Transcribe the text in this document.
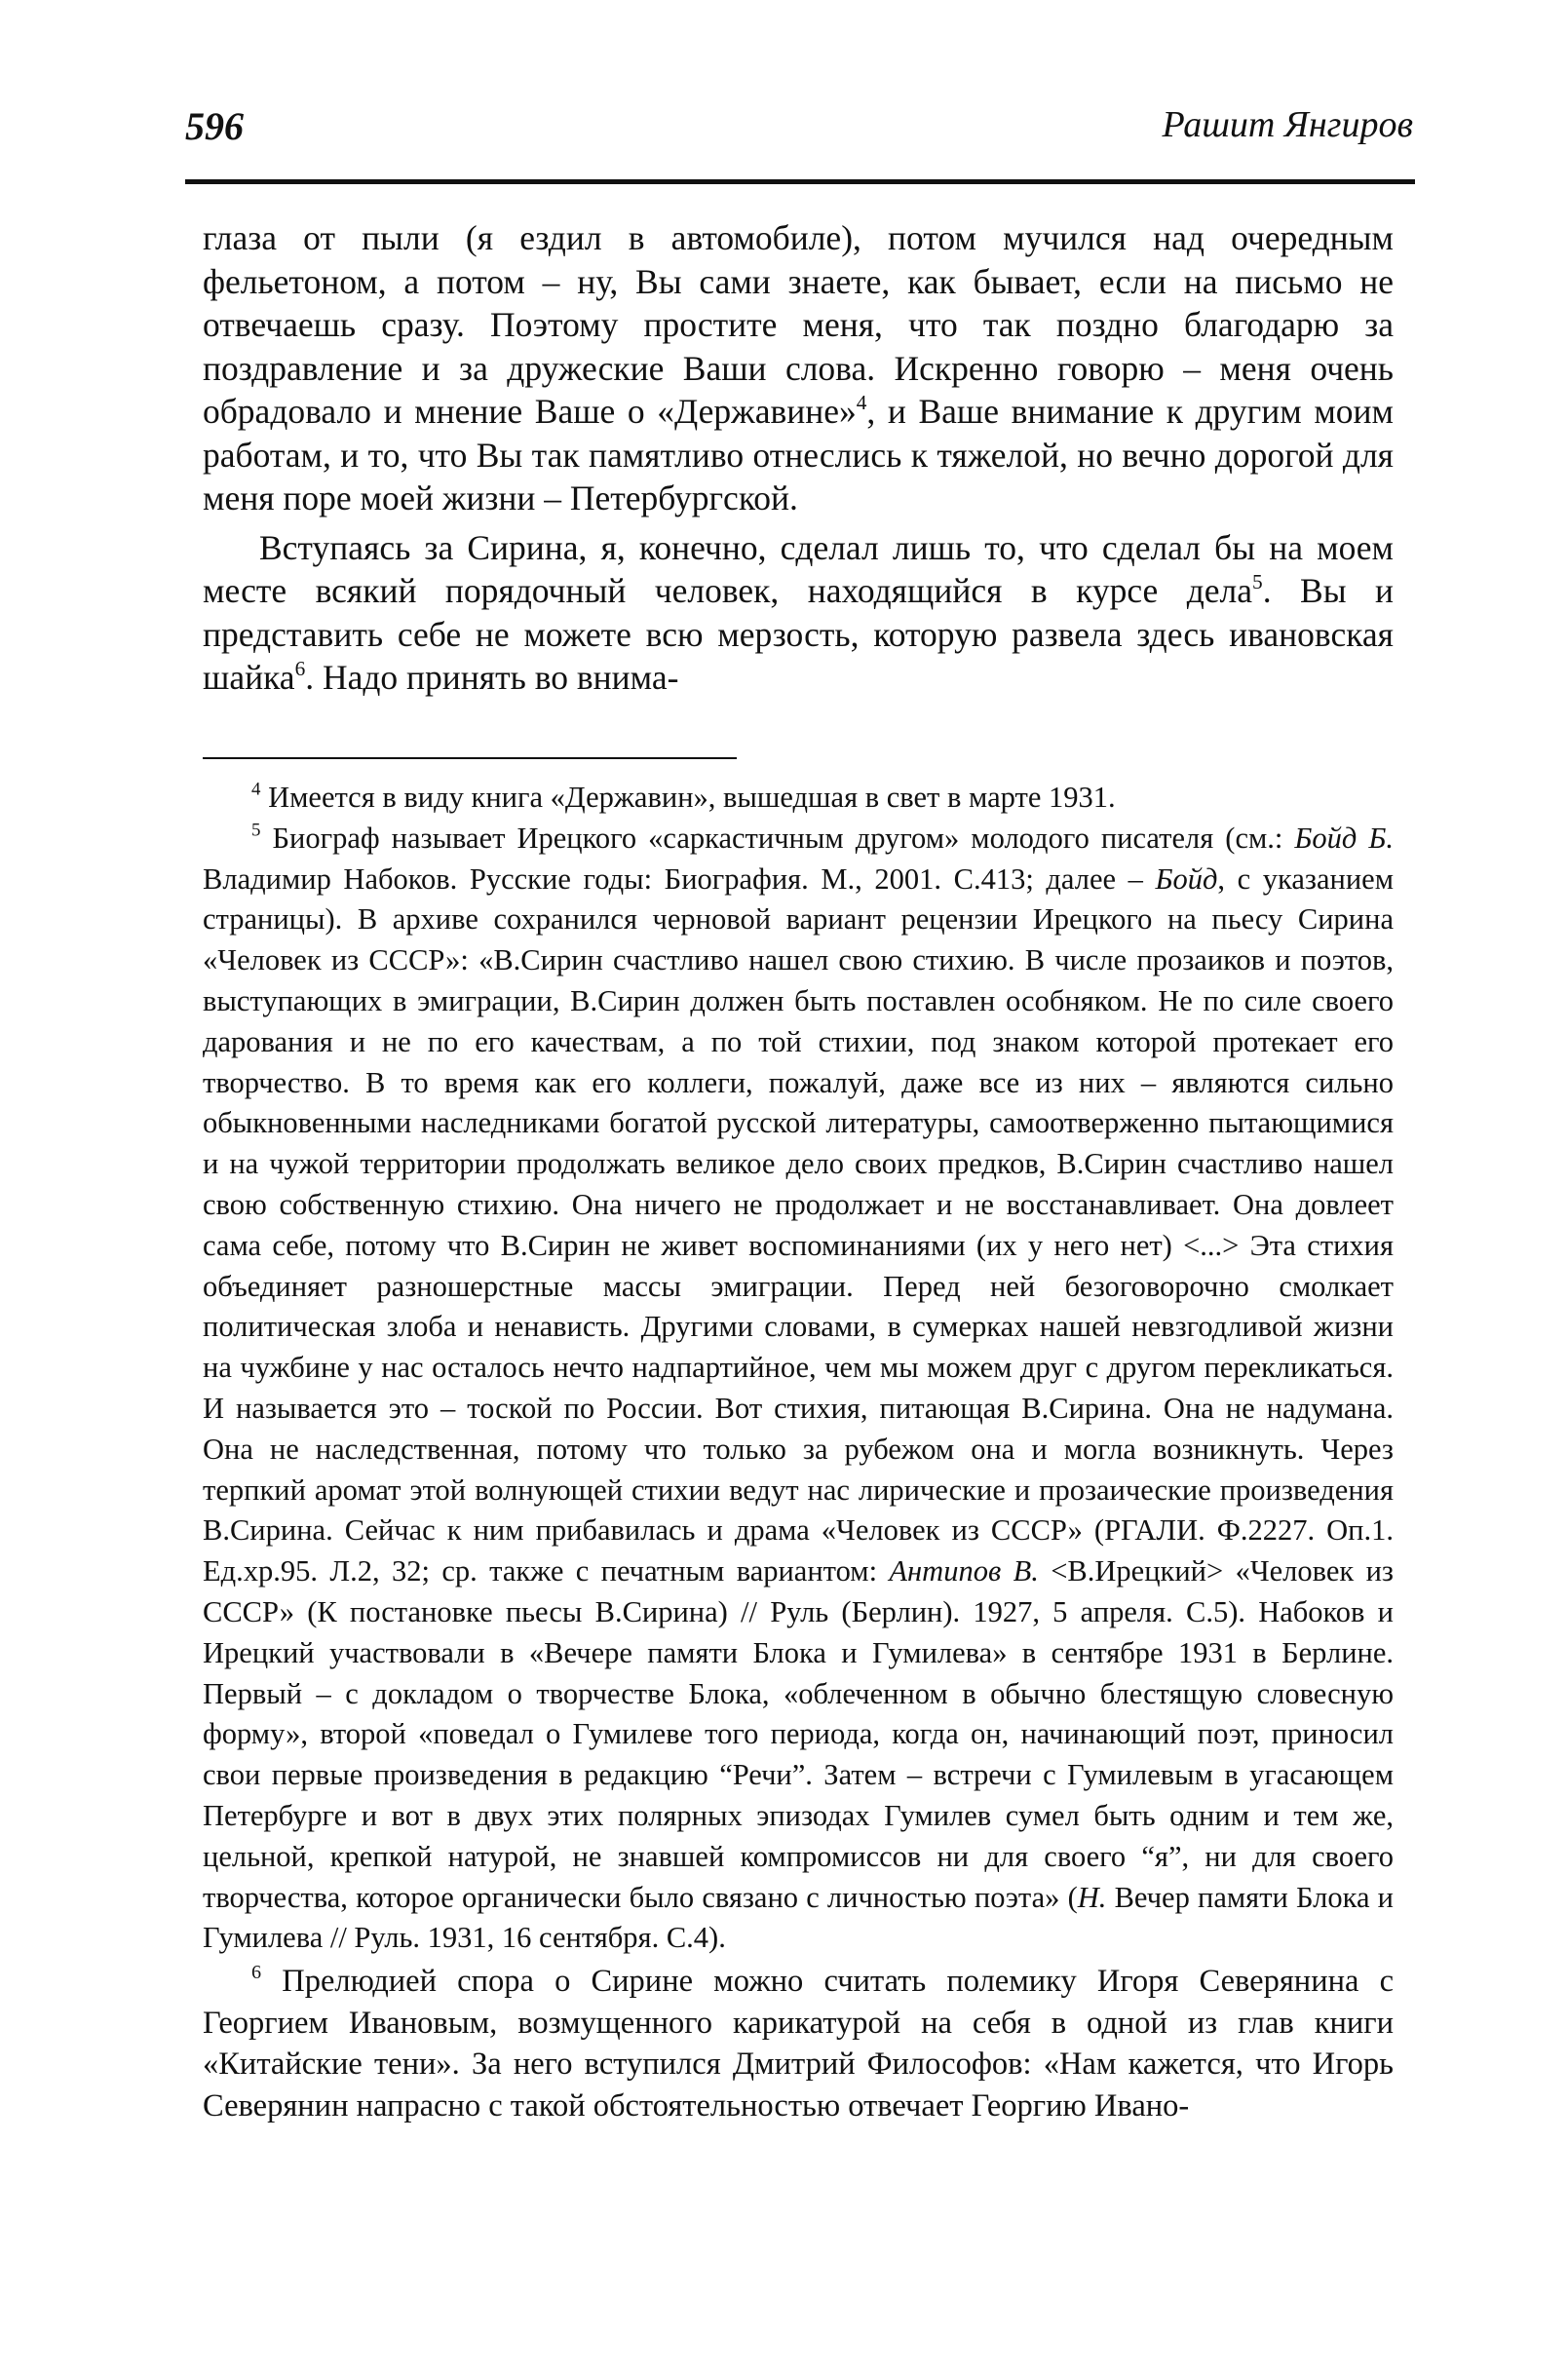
596	Рашит Янгиров

глаза от пыли (я ездил в автомобиле), потом мучился над очередным фельетоном, а потом – ну, Вы сами знаете, как бывает, если на письмо не отвечаешь сразу. Поэтому простите меня, что так поздно благодарю за поздравление и за дружеские Ваши слова. Искренно говорю – меня очень обрадовало и мнение Ваше о «Державине»$^4$, и Ваше внимание к другим моим работам, и то, что Вы так памятливо отнеслись к тяжелой, но вечно дорогой для меня поре моей жизни – Петербургской.

Вступаясь за Сирина, я, конечно, сделал лишь то, что сделал бы на моем месте всякий порядочный человек, находящийся в курсе дела$^5$. Вы и представить себе не можете всю мерзость, которую развела здесь ивановская шайка$^6$. Надо принять во внима-

$^4$ Имеется в виду книга «Державин», вышедшая в свет в марте 1931.

$^5$ Биограф называет Ирецкого «саркастичным другом» молодого писателя (см.: Бойд Б. Владимир Набоков. Русские годы: Биография. М., 2001. С.413; далее – Бойд, с указанием страницы). В архиве сохранился черновой вариант рецензии Ирецкого на пьесу Сирина «Человек из СССР»: «В.Сирин счастливо нашел свою стихию. В числе прозаиков и поэтов, выступающих в эмиграции, В.Сирин должен быть поставлен особняком. Не по силе своего дарования и не по его качествам, а по той стихии, под знаком которой протекает его творчество. В то время как его коллеги, пожалуй, даже все из них – являются сильно обыкновенными наследниками богатой русской литературы, самоотверженно пытающимися и на чужой территории продолжать великое дело своих предков, В.Сирин счастливо нашел свою собственную стихию. Она ничего не продолжает и не восстанавливает. Она довлеет сама себе, потому что В.Сирин не живет воспоминаниями (их у него нет) <...> Эта стихия объединяет разношерстные массы эмиграции. Перед ней безоговорочно смолкает политическая злоба и ненависть. Другими словами, в сумерках нашей невзгодливой жизни на чужбине у нас осталось нечто надпартийное, чем мы можем друг с другом перекликаться. И называется это – тоской по России. Вот стихия, питающая В.Сирина. Она не надумана. Она не наследственная, потому что только за рубежом она и могла возникнуть. Через терпкий аромат этой волнующей стихии ведут нас лирические и прозаические произведения В.Сирина. Сейчас к ним прибавилась и драма «Человек из СССР» (РГАЛИ. Ф.2227. Оп.1. Ед.хр.95. Л.2, 32; ср. также с печатным вариантом: Антипов В. <В.Ирецкий> «Человек из СССР» (К постановке пьесы В.Сирина) // Руль (Берлин). 1927, 5 апреля. С.5). Набоков и Ирецкий участвовали в «Вечере памяти Блока и Гумилева» в сентябре 1931 в Берлине. Первый – с докладом о творчестве Блока, «облеченном в обычно блестящую словесную форму», второй «поведал о Гумилеве того периода, когда он, начинающий поэт, приносил свои первые произведения в редакцию “Речи”. Затем – встречи с Гумилевым в угасающем Петербурге и вот в двух этих полярных эпизодах Гумилев сумел быть одним и тем же, цельной, крепкой натурой, не знавшей компромиссов ни для своего “я”, ни для своего творчества, которое органически было связано с личностью поэта» (Н. Вечер памяти Блока и Гумилева // Руль. 1931, 16 сентября. С.4).

$^6$ Прелюдией спора о Сирине можно считать полемику Игоря Северянина с Георгием Ивановым, возмущенного карикатурой на себя в одной из глав книги «Китайские тени». За него вступился Дмитрий Философов: «Нам кажется, что Игорь Северянин напрасно с такой обстоятельностью отвечает Георгию Ивано-
